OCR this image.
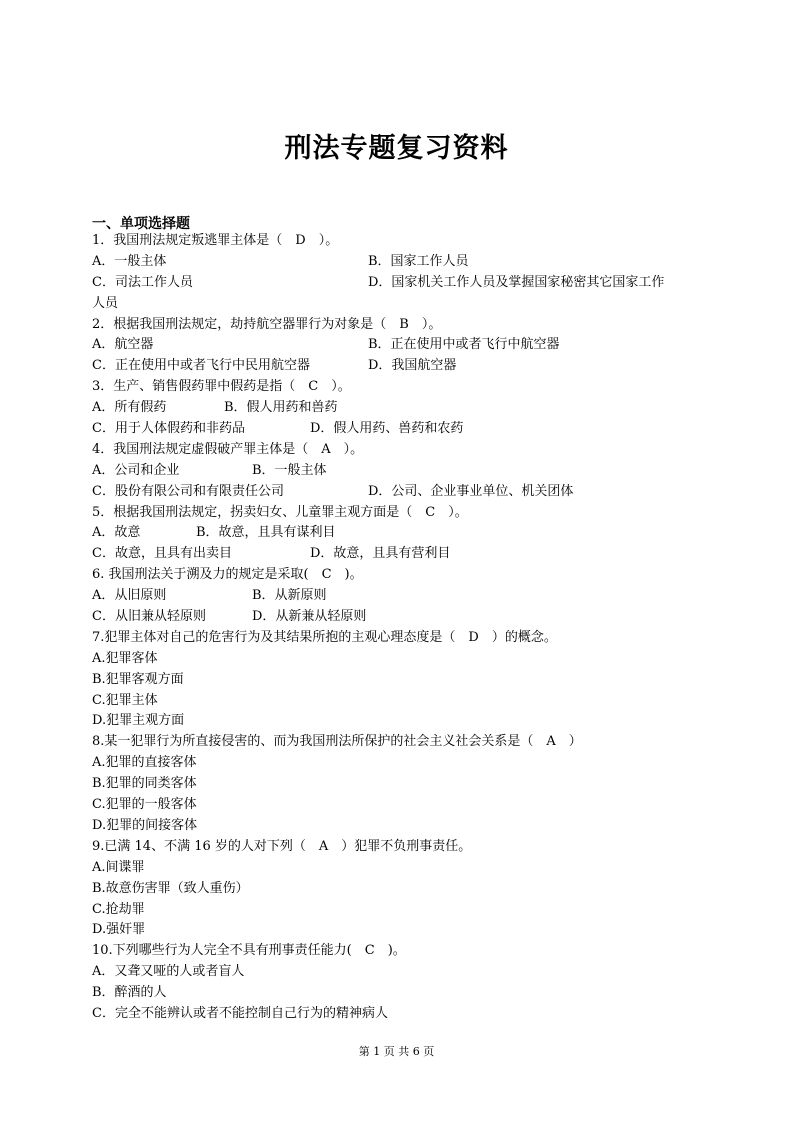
刑法专题复习资料
一、单项选择题
1．我国刑法规定叛逃罪主体是（　D　）。
A．一般主体	B．国家工作人员
C．司法工作人员	D．国家机关工作人员及掌握国家秘密其它国家工作
人员
2．根据我国刑法规定，劫持航空器罪行为对象是（　B　）。
A．航空器	B．正在使用中或者飞行中航空器
C．正在使用中或者飞行中民用航空器	D．我国航空器
3．生产、销售假药罪中假药是指（　C　）。
A．所有假药	B．假人用药和兽药
C．用于人体假药和非药品	D．假人用药、兽药和农药
4．我国刑法规定虚假破产罪主体是（　A　）。
A．公司和企业	B．一般主体
C．股份有限公司和有限责任公司	D．公司、企业事业单位、机关团体
5．根据我国刑法规定，拐卖妇女、儿童罪主观方面是（　C　）。
A．故意	B．故意，且具有谋利目
C．故意，且具有出卖目	D．故意，且具有营利目
6. 我国刑法关于溯及力的规定是采取(　C　)。
A．从旧原则	B．从新原则
C．从旧兼从轻原则	D．从新兼从轻原则
7.犯罪主体对自己的危害行为及其结果所抱的主观心理态度是（　D　）的概念。
A.犯罪客体
B.犯罪客观方面
C.犯罪主体
D.犯罪主观方面
8.某一犯罪行为所直接侵害的、而为我国刑法所保护的社会主义社会关系是（　A　）
A.犯罪的直接客体
B.犯罪的同类客体
C.犯罪的一般客体
D.犯罪的间接客体
9.已满 14、不满 16 岁的人对下列（　A　）犯罪不负刑事责任。
A.间谍罪
B.故意伤害罪（致人重伤）
C.抢劫罪
D.强奸罪
10.下列哪些行为人完全不具有刑事责任能力(　C　)。
A．又聋又哑的人或者盲人
B．醉酒的人
C．完全不能辨认或者不能控制自己行为的精神病人
第 1 页 共 6 页
